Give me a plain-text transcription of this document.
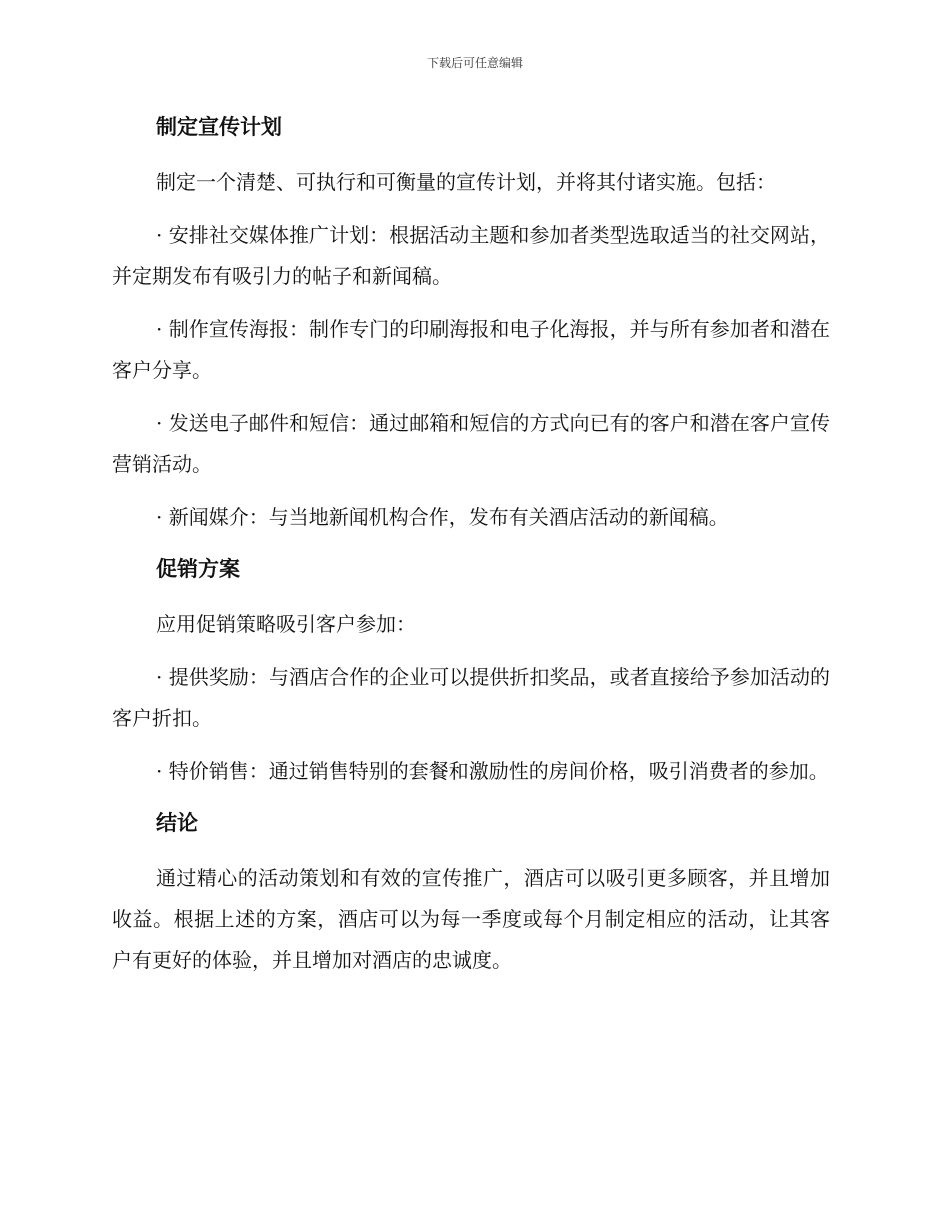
下载后可任意编辑
制定宣传计划

制定一个清楚、可执行和可衡量的宣传计划，并将其付诸实施。包括：

· 安排社交媒体推广计划：根据活动主题和参加者类型选取适当的社交网站，并定期发布有吸引力的帖子和新闻稿。

· 制作宣传海报：制作专门的印刷海报和电子化海报，并与所有参加者和潜在客户分享。

· 发送电子邮件和短信：通过邮箱和短信的方式向已有的客户和潜在客户宣传营销活动。

· 新闻媒介：与当地新闻机构合作，发布有关酒店活动的新闻稿。

促销方案

应用促销策略吸引客户参加：

· 提供奖励：与酒店合作的企业可以提供折扣奖品，或者直接给予参加活动的客户折扣。

· 特价销售：通过销售特别的套餐和激励性的房间价格，吸引消费者的参加。

结论

通过精心的活动策划和有效的宣传推广，酒店可以吸引更多顾客，并且增加收益。根据上述的方案，酒店可以为每一季度或每个月制定相应的活动，让其客户有更好的体验，并且增加对酒店的忠诚度。
